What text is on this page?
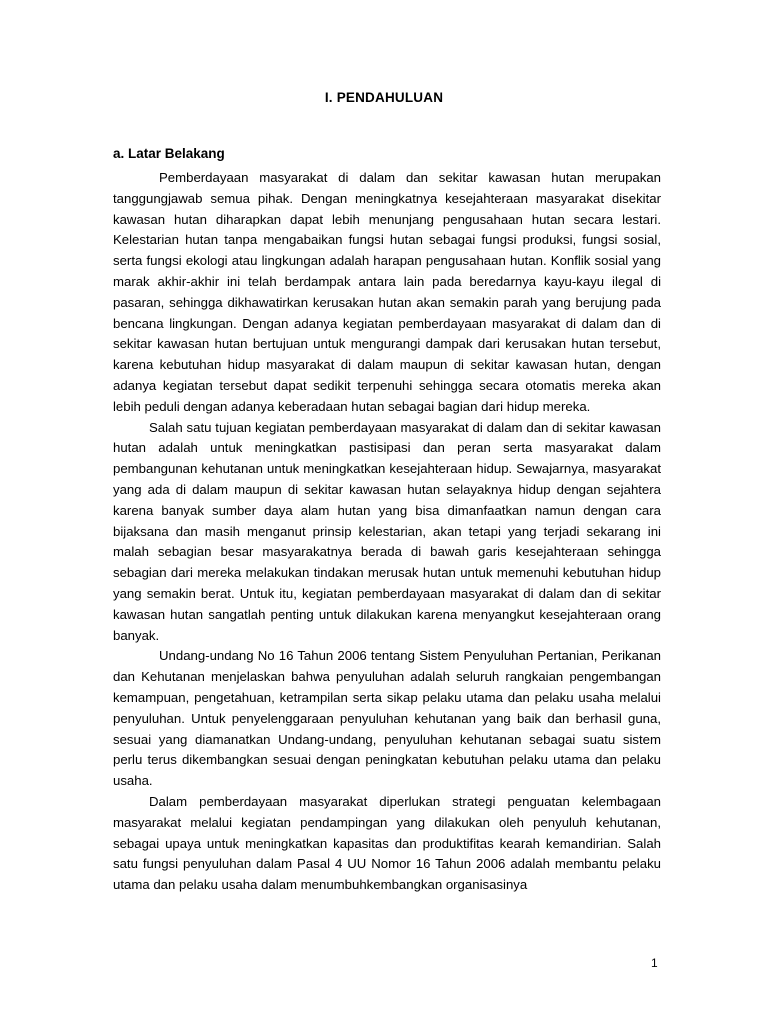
I. PENDAHULUAN
a. Latar Belakang

Pemberdayaan masyarakat di dalam dan sekitar kawasan hutan merupakan tanggungjawab semua pihak. Dengan meningkatnya kesejahteraan masyarakat disekitar kawasan hutan diharapkan dapat lebih menunjang pengusahaan hutan secara lestari. Kelestarian hutan tanpa mengabaikan fungsi hutan sebagai fungsi produksi, fungsi sosial, serta fungsi ekologi atau lingkungan adalah harapan pengusahaan hutan. Konflik sosial yang marak akhir-akhir ini telah berdampak antara lain pada beredarnya kayu-kayu ilegal di pasaran, sehingga dikhawatirkan kerusakan hutan akan semakin parah yang berujung pada bencana lingkungan. Dengan adanya kegiatan pemberdayaan masyarakat di dalam dan di sekitar kawasan hutan bertujuan untuk mengurangi dampak dari kerusakan hutan tersebut, karena kebutuhan hidup masyarakat di dalam maupun di sekitar kawasan hutan, dengan adanya kegiatan tersebut dapat sedikit terpenuhi sehingga secara otomatis mereka akan lebih peduli dengan adanya keberadaan hutan sebagai bagian dari hidup mereka.

Salah satu tujuan kegiatan pemberdayaan masyarakat di dalam dan di sekitar kawasan hutan adalah untuk meningkatkan pastisipasi dan peran serta masyarakat dalam pembangunan kehutanan untuk meningkatkan kesejahteraan hidup. Sewajarnya, masyarakat yang ada di dalam maupun di sekitar kawasan hutan selayaknya hidup dengan sejahtera karena banyak sumber daya alam hutan yang bisa dimanfaatkan namun dengan cara bijaksana dan masih menganut prinsip kelestarian, akan tetapi yang terjadi sekarang ini malah sebagian besar masyarakatnya berada di bawah garis kesejahteraan sehingga sebagian dari mereka melakukan tindakan merusak hutan untuk memenuhi kebutuhan hidup yang semakin berat. Untuk itu, kegiatan pemberdayaan masyarakat di dalam dan di sekitar kawasan hutan sangatlah penting untuk dilakukan karena menyangkut kesejahteraan orang banyak.

Undang-undang No 16 Tahun 2006 tentang Sistem Penyuluhan Pertanian, Perikanan dan Kehutanan menjelaskan bahwa penyuluhan adalah seluruh rangkaian pengembangan kemampuan, pengetahuan, ketrampilan serta sikap pelaku utama dan pelaku usaha melalui penyuluhan. Untuk penyelenggaraan penyuluhan kehutanan yang baik dan berhasil guna, sesuai yang diamanatkan Undang-undang, penyuluhan kehutanan sebagai suatu sistem perlu terus dikembangkan sesuai dengan peningkatan kebutuhan pelaku utama dan pelaku usaha.

Dalam pemberdayaan masyarakat diperlukan strategi penguatan kelembagaan masyarakat melalui kegiatan pendampingan yang dilakukan oleh penyuluh kehutanan, sebagai upaya untuk meningkatkan kapasitas dan produktifitas kearah kemandirian. Salah satu fungsi penyuluhan dalam Pasal 4 UU Nomor 16 Tahun 2006 adalah membantu pelaku utama dan pelaku usaha dalam menumbuhkembangkan organisasinya

1
